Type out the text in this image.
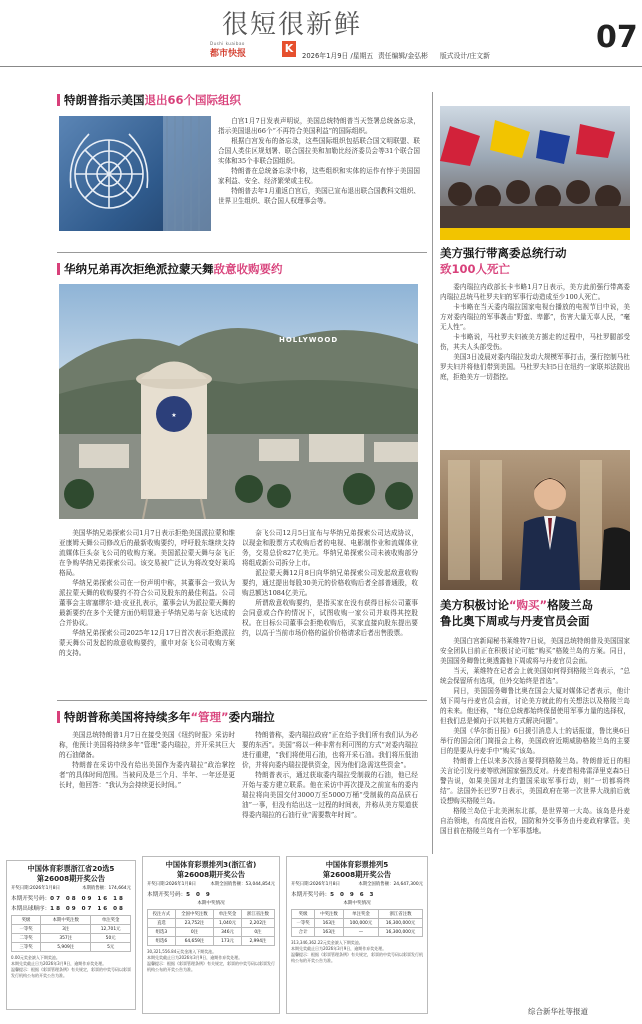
很短很新鲜
Dushi kuaibao
都市快报	K
2026年1月9日 /星期五 责任编辑/金弘彬 版式设计/庄文新
07
特朗普指示美国退出66个国际组织

白宫1月7日发表声明说，美国总统特朗普当天签署总统备忘录，指示美国退出66个“不再符合美国利益”的国际组织。

根据白宫发布的备忘录，这些国际组织包括联合国文明联盟、联合国人类住区规划署、联合国拉美和加勒比经济委员会等31个联合国实体和35个非联合国组织。

特朗普在总统备忘录中称，这些组织和实体的运作有悖于美国国家利益、安全、经济繁荣或主权。

特朗普去年1月重返白宫后，美国已宣布退出联合国教科文组织、世界卫生组织、联合国人权理事会等。

华纳兄弟再次拒绝派拉蒙天舞敌意收购要约
★
HOLLYWOOD

美国华纳兄弟探索公司1月7日表示拒绝美国派拉蒙和维亚康姆天舞公司修改后的最新收购要约，呼吁股东继续支持流媒体巨头奈飞公司的收购方案。美国派拉蒙天舞与奈飞正在争购华纳兄弟探索公司。该交易被广泛认为将改变好莱坞格局。

华纳兄弟探索公司在一份声明中称，其董事会一致认为派拉蒙天舞的收购要约不符合公司及股东的最佳利益。公司董事会主席塞缪尔·迪·皮亚扎表示，董事会认为派拉蒙天舞的最新要约在多个关键方面仍明显逊于华纳兄弟与奈飞达成的合并协议。

华纳兄弟探索公司2025年12月17日首次表示拒绝派拉蒙天舞公司发起的敌意收购要约，重申对奈飞公司收购方案的支持。

奈飞公司12月5日宣布与华纳兄弟探索公司达成协议，以现金和股票方式收购后者的电视、电影制作业和流媒体业务，交易总价827亿美元。华纳兄弟探索公司未被收购部分将组成新公司拆分上市。

派拉蒙天舞12月8日向华纳兄弟探索公司发起敌意收购要约，通过提出每股30美元的价格收购后者全部普通股，收购总额达1084亿美元。

所谓敌意收购要约，是指买家在没有获得目标公司董事会同意或合作的情况下，试图收购一家公司并取得其控股权。在目标公司董事会拒绝收购后，买家直接向股东提出要约，以高于当前市场价格的溢价价格请求后者出售股票。

特朗普称美国将持续多年“管理”委内瑞拉

美国总统特朗普1月7日在接受美国《纽约时报》采访时称，他预计美国将持续多年“管理”委内瑞拉，并开采其巨大的石油储备。

特朗普在采访中没有给出美国作为委内瑞拉“政治掌控者”的具体时间范围。当被问及是三个月、半年、一年还是更长时，他回答：“我认为会持续更长时间。”

特朗普称，委内瑞拉政府“正在给予我们所有我们认为必要的东西”。美国“将以一种非常有利可图的方式”对委内瑞拉进行重建，“我们将使用石油，也将开采石油。我们将压低油价，并将向委内瑞拉提供资金，因为他们急需这些资金”。

特朗普表示，通过获取委内瑞拉受制裁的石油，他已经开始与委方建立联系。他在采访中再次提及之前宣布的委内瑞拉将向美国交付3000万至5000万桶“受制裁的高品质石油”一事，但没有给出这一过程的时间表，并称从美方渠道获得委内瑞拉的石油行业“需要数年时间”。

美方强行带离委总统行动
致100人死亡

委内瑞拉内政部长卡韦略1月7日表示，美方此前强行带离委内瑞拉总统马杜罗夫妇的军事行动造成至少100人死亡。

卡韦略在当天委内瑞拉国家电视台播放的电视节目中说，美方对委内瑞拉的军事袭击“野蛮、卑鄙”，伤害大量无辜人民，“毫无人性”。

卡韦略说，马杜罗夫妇被美方掳走的过程中，马杜罗腿部受伤，其夫人头部受伤。

美国3日凌晨对委内瑞拉发动大规模军事打击，强行控制马杜罗夫妇并将他们带到美国。马杜罗夫妇5日在纽约一家联邦法院出庭，拒绝美方一切指控。

美方积极讨论“购买”格陵兰岛
鲁比奥下周或与丹麦官员会面

美国白宫新闻秘书莱维特7日说，美国总统特朗普及美国国家安全团队目前正在积极讨论可能“购买”格陵兰岛的方案。同日，美国国务卿鲁比奥透露他下周或将与丹麦官员会面。

当天，莱维特在记者会上就美国如何得到格陵兰岛表示，“总统会保留所有选项，但外交始终是首选”。

同日，美国国务卿鲁比奥在国会大厦对媒体记者表示，他计划下周与丹麦官员会面，讨论美方就此的有关想法以及格陵兰岛的未来。他还称，“每位总统都始终保留使用军事力量的选择权，但我们总是倾向于以其他方式解决问题”。

美国《华尔街日报》6日援引消息人士的话报道，鲁比奥6日举行的国会闭门简报会上称，美国政府近期威胁格陵兰岛的主要目的是要从丹麦手中“购买”该岛。

特朗普上任以来多次扬言要得到格陵兰岛。特朗普近日的相关言论引发丹麦等欧洲国家强烈反对。丹麦首相弗雷泽里克森5日警告说，如果美国对北约盟国采取军事行动，则“一切都将终结”。法国外长巴罗7日表示，美国政府在第一次世界大战前后就设想购买格陵兰岛。

格陵兰岛位于北美洲东北部，是世界第一大岛。该岛是丹麦自治领地，有高度自治权，国防和外交事务由丹麦政府掌管。美国目前在格陵兰岛有一个军事基地。

中国体育彩票浙江省20选5
第26008期开奖公告
开奖日期:2026年1月8日	本期销售额：174,664元
本期开奖号码：07 08 09 16 18
本期出球顺序：18 09 07 16 08
奖级	本期中奖注数	单注奖金
一等奖	3注	12,701元
二等奖	357注	50元
三等奖	5,909注	5元
0.00元奖金滚入下期奖池。
本期兑奖截止日为2026年3月9日，逾期作弃奖处理。
温馨提示：根据《彩票管理条例》有关规定，彩票的中奖号码以彩票发行机构公布的开奖公告为准。
中国体育彩票排列3(浙江省)
第26008期开奖公告
开奖日期:2026年1月8日	本期全国销售额：53,044,854元
本期开奖号码：5 0 9
本期中奖情况
投注方式	全国中奖注数	单注奖金	浙江省注数
直选	23,752注	1,040元	2,202注
组选3	0注	346元	0注
组选6	64,659注	173元	2,994注
30,321,556.84元奖金滚入下期奖池。
本期兑奖截止日为2026年3月9日，逾期作弃奖处理。
温馨提示：根据《彩票管理条例》有关规定，彩票的中奖号码以彩票发行机构公布的开奖公告为准。
中国体育彩票排列5
第26008期开奖公告
开奖日期:2026年1月8日	本期全国销售额：24,647,300元
本期开奖号码：5 0 9 6 3
本期中奖情况
奖级	中奖注数	单注奖金	浙江省注数
一等奖	163注	100,000元	16,300,000元
合计	163注	—	16,300,000元
313,346,362.22元奖金滚入下期奖池。
本期兑奖截止日为2026年3月9日，逾期作弃奖处理。
温馨提示：根据《彩票管理条例》有关规定，彩票的中奖号码以彩票发行机构公布的开奖公告为准。
综合新华社等报道
